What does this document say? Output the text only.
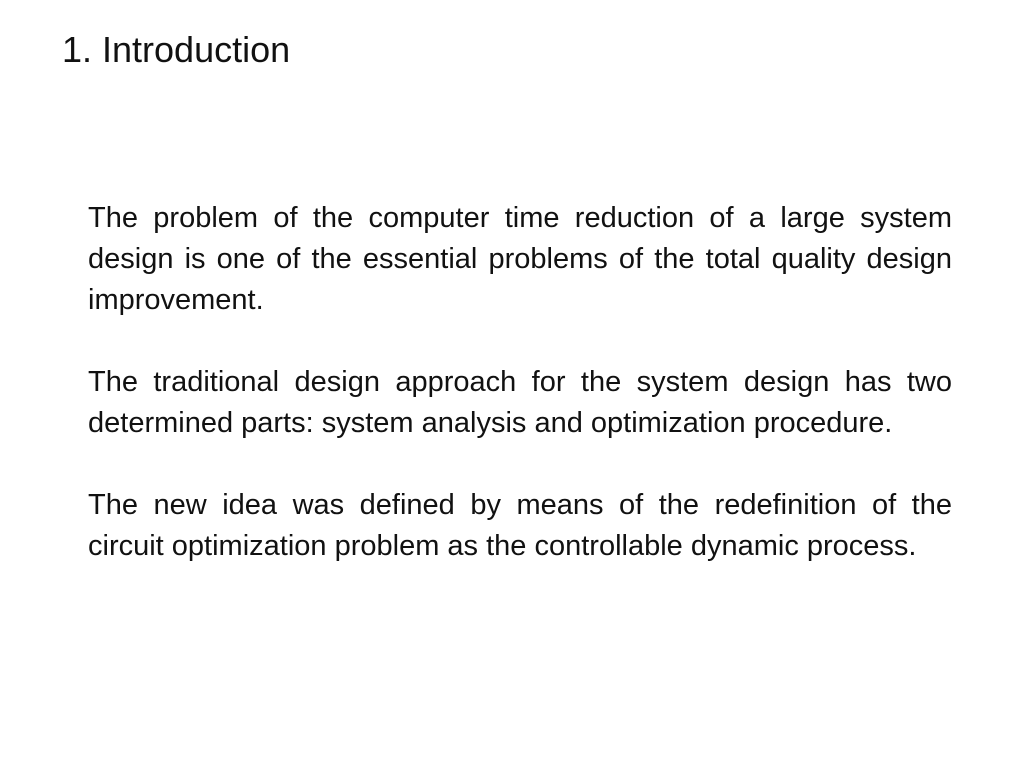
1. Introduction

The problem of the computer time reduction of a large system design is one of the essential problems of the total quality design improvement.

The traditional design approach for the system design has two determined parts: system analysis and optimization procedure.

The new idea was defined by means of the redefinition of the circuit optimization problem as the controllable dynamic process.
